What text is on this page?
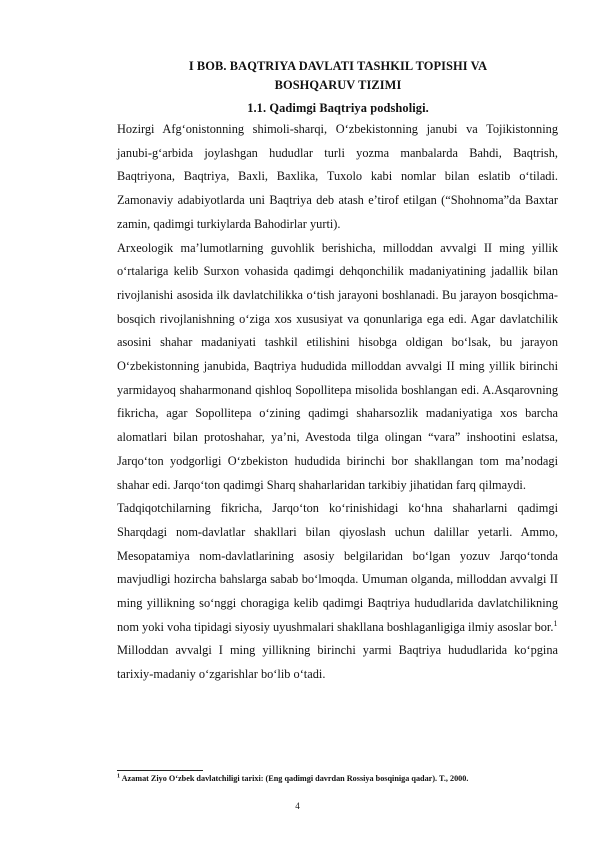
I BOB. BAQTRIYA DAVLATI TASHKIL TOPISHI VA
BOSHQARUV TIZIMI
1.1. Qadimgi Baqtriya podsholigi.

Hozirgi Afg‘onistonning shimoli-sharqi, O‘zbekistonning janubi va Tojikistonning janubi-g‘arbida joylashgan hududlar turli yozma manbalarda Bahdi, Baqtrish, Baqtriyona, Baqtriya, Baxli, Baxlika, Tuxolo kabi nomlar bilan eslatib o‘tiladi. Zamonaviy adabiyotlarda uni Baqtriya deb atash e’tirof etilgan (“Shohnoma”da Baxtar zamin, qadimgi turkiylarda Bahodirlar yurti).

Arxeologik ma’lumotlarning guvohlik berishicha, milloddan avvalgi II ming yillik o‘rtalariga kelib Surxon vohasida qadimgi dehqonchilik madaniyatining jadallik bilan rivojlanishi asosida ilk davlatchilikka o‘tish jarayoni boshlanadi. Bu jarayon bosqichma-bosqich rivojlanishning o‘ziga xos xususiyat va qonunlariga ega edi. Agar davlatchilik asosini shahar madaniyati tashkil etilishini hisobga oldigan bo‘lsak, bu jarayon O‘zbekistonning janubida, Baqtriya hududida milloddan avvalgi II ming yillik birinchi yarmidayoq shaharmonand qishloq Sopollitepa misolida boshlangan edi. A.Asqarovning fikricha, agar Sopollitepa o‘zining qadimgi shaharsozlik madaniyatiga xos barcha alomatlari bilan protoshahar, ya’ni, Avestoda tilga olingan “vara” inshootini eslatsa, Jarqo‘ton yodgorligi O‘zbekiston hududida birinchi bor shakllangan tom ma’nodagi shahar edi. Jarqo‘ton qadimgi Sharq shaharlaridan tarkibiy jihatidan farq qilmaydi.

Tadqiqotchilarning fikricha, Jarqo‘ton ko‘rinishidagi ko‘hna shaharlarni qadimgi Sharqdagi nom-davlatlar shakllari bilan qiyoslash uchun dalillar yetarli. Ammo, Mesopatamiya nom-davlatlarining asosiy belgilaridan bo‘lgan yozuv Jarqo‘tonda mavjudligi hozircha bahslarga sabab bo‘lmoqda. Umuman olganda, milloddan avvalgi II ming yillikning so‘nggi choragiga kelib qadimgi Baqtriya hududlarida davlatchilikning nom yoki voha tipidagi siyosiy uyushmalari shakllana boshlaganligiga ilmiy asoslar bor.$^1$

Milloddan avvalgi I ming yillikning birinchi yarmi Baqtriya hududlarida ko‘pgina tarixiy-madaniy o‘zgarishlar bo‘lib o‘tadi.

$^1$ Azamat Ziyo O‘zbek davlatchiligi tarixi: (Eng qadimgi davrdan Rossiya bosqiniga qadar). T., 2000.
4
